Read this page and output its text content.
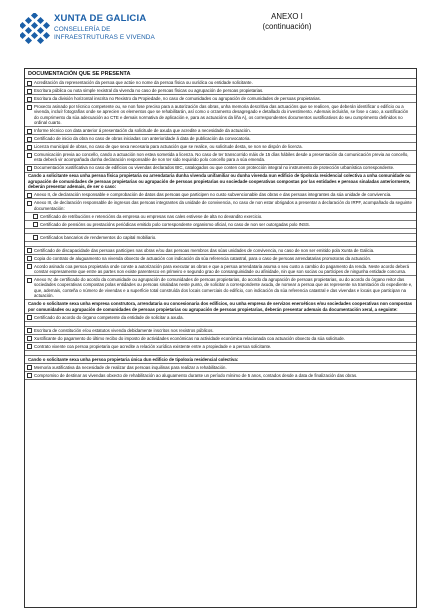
XUNTA DE GALICIA
CONSELLERÍA DE
INFRAESTRUTURAS E VIVENDA
ANEXO I
(continuación)
DOCUMENTACIÓN QUE SE PRESENTA
Acreditación da representación da persoa que actúe no nome da persoa física ou xurídica ou entidade solicitante.
Escritura pública ou nota simple rexistral da vivenda no caso de persoas físicas ou agrupación de persoas propietarias.
Escritura da división horizontal inscrita no Rexistro da Propiedade, no caso de comunidades ou agrupación de comunidades de persoas propietarias.
Proxecto asinado por técnico competente ou, se non fose preciso para a autorización das obras, unha memoria descritiva das actuacións que se realicen, que deberán identificar o edificio ou a vivenda, incluír fotografías onde se aprecien os elementos que se rehabilitarán, así como o orzamento desagregado e detallado do investimento. Ademais incluirán, se fose o caso, a xustificación do cumprimento da súa adecuación ao CTE e demais normativa de aplicación e, para as actuacións da liña A), os correspondentes documentos xustificativos do seu cumprimento definidos no ordinal cuarto.
Informe técnico con data anterior á presentación da solicitude de axuda que acredite a necesidade da actuación.
Certificado de inicio da obra no caso de obras iniciadas con anterioridade á data de publicación da convocatoria.
Licenza municipal de obras, no caso de que sexa necesaria para actuación que se realice, ou solicitude desta, se non se dispón de licenza.
Comunicación previa ao concello, cando a actuación non estea sometida a licenza. No caso de ter transcorrido máis de 15 días hábiles desde a presentación da comunicación previa ao concello, esta deberá vir acompañada dunha declaración responsable de non ter sido requirido polo concello para a súa emenda.
Documentación xustificativa no caso de edificios ou vivendas declarados BIC, catalogados ou que conten con protección integral no instrumento de protección urbanística correspondente.
Cando a solicitante sexa unha persoa física propietaria ou arrendataria dunha vivenda unifamiliar ou dunha vivenda nun edificio de tipoloxía residencial colectiva a unha comunidade ou agrupación de comunidades de persoas propietarias ou agrupación de persoas propietarias ou sociedade cooperativas compostas por las entidades e persoas sinaladas anteriormente, deberán presentar ademais, de ser o caso:
Anexo II, de declaración responsable e comprobación de datos das persoas que participen no custo subvencionable das obras e das persoas integrantes da súa unidade de convivencia.
Anexo III, de declaración responsable de ingresos das persoas integrantes da unidade de convivencia, no caso de non estar obrigados a presentar a declaración do IRPF, acompañado da seguinte documentación:
Certificado de retribucións e retencións da empresa ou empresas nas cales estivese de alta no devandito exercicio.
Certificado de pensións ou prestacións periódicas emitido polo correspondente organismo oficial, no caso de non ser outorgadas polo INSS.
Certificados bancarios de rendementos do capital mobiliario.
Certificado de discapacidade das persoas participes nas obras e/ou das persoas membros das súas unidades de convivencia, no caso de non ser emitido pola Xunta de Galicia.
Copia do contrato de aluguamento na vivenda obxecto de actuación con indicación da súa referencia catastral, para o caso de persoas arrendatarias promotoras da actuación.
Acordo asinado coa persoa propietaria onde conste a autorización para executar as obras e que a persoa arrendataria asuma o seu custo a cambio do pagamento da renda. Neste acordo deberá constar expresamente que entre as partes non existe parentesco en primeiro e segundo grao de consanguinidade ou afinidade, nin que son socias ou partícipes de ningunha entidade concursa.
Anexo IV, de certificado do acordo da comunidade ou agrupación de comunidades de persoas propietarias, do acordo da agrupación de persoas propietarias, ou do acordo do órgano reitor das sociedades cooperativas compostas polas entidades ou persoas sinaladas neste punto, de solicitar a correspondente axuda, de nomear a persoa que as represente na tramitación do expediente e, que, ademais, conteña o número de vivendas e a superficie total construída dos locais comerciais do edificio, con indicación da súa referencia catastral e das vivendas e locais que participan na actuación.
Cando o solicitante sexa unha empresa construtora, arrendataria ou concesionaria dos edificios, ou unha empresa de servizos enerxéticos e/ou sociedades cooperativas non compostas por comunidades ou agrupación de comunidades de persoas propietarias ou agrupación de persoas propietarias, deberán presentar ademais da documentación xeral, a seguinte:
Certificado do acordo do órgano competente da entidade de solicitar a axuda.
Escritura de constitución e/ou estatutos vivenda debidamente inscritos nos rexistros públicos.
Xustificante do pagamento do último recibo do imposto de actividades económicas na actividade económica relacionada coa actuación obxecto da súa solicitude.
Contrato vixente coa persoa propietaria que acredite a relación xurídica existente entre a propiedade e a persoa solicitante.
Cando o solicitante sexa unha persoa propietaria única dun edificio de tipoloxía residencial colectiva:
Memoria xustificativa da necesidade de realizar das persoas inquilinas para realizar a rehabilitación.
Compromiso de destinar as vivendas obxecto de rehabilitación ao aluguamento durante un período mínimo de 5 anos, contados desde a data de finalización das obras.
